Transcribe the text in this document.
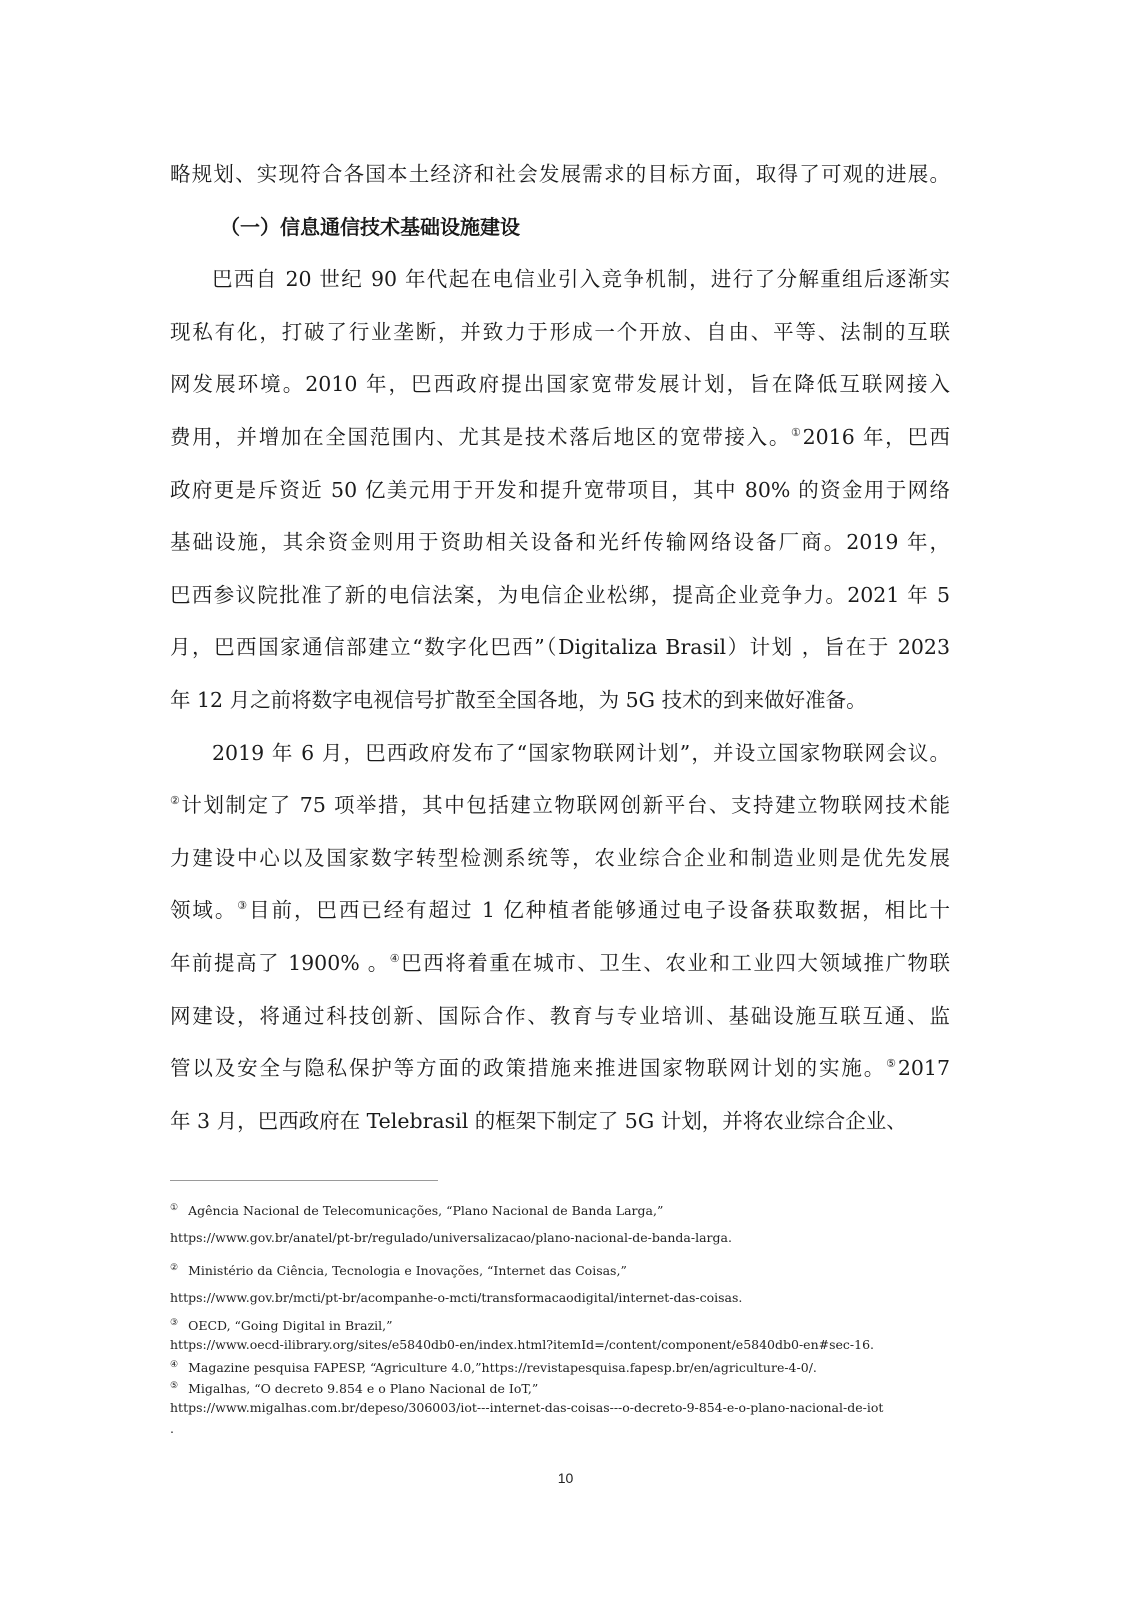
略规划、实现符合各国本土经济和社会发展需求的目标方面，取得了可观的进展。
（一）信息通信技术基础设施建设
巴西自 20 世纪 90 年代起在电信业引入竞争机制，进行了分解重组后逐渐实
现私有化，打破了行业垄断，并致力于形成一个开放、自由、平等、法制的互联
网发展环境。2010 年，巴西政府提出国家宽带发展计划，旨在降低互联网接入
费用，并增加在全国范围内、尤其是技术落后地区的宽带接入。①2016 年，巴西
政府更是斥资近 50 亿美元用于开发和提升宽带项目，其中 80% 的资金用于网络
基础设施，其余资金则用于资助相关设备和光纤传输网络设备厂商。2019 年，
巴西参议院批准了新的电信法案，为电信企业松绑，提高企业竞争力。2021 年 5
月，巴西国家通信部建立“数字化巴西”（Digitaliza Brasil）计划 ，旨在于 2023
年 12 月之前将数字电视信号扩散至全国各地，为 5G 技术的到来做好准备。
2019 年 6 月，巴西政府发布了“国家物联网计划”，并设立国家物联网会议。
②计划制定了 75 项举措，其中包括建立物联网创新平台、支持建立物联网技术能
力建设中心以及国家数字转型检测系统等，农业综合企业和制造业则是优先发展
领域。③目前，巴西已经有超过 1 亿种植者能够通过电子设备获取数据，相比十
年前提高了 1900% 。④巴西将着重在城市、卫生、农业和工业四大领域推广物联
网建设，将通过科技创新、国际合作、教育与专业培训、基础设施互联互通、监
管以及安全与隐私保护等方面的政策措施来推进国家物联网计划的实施。⑤2017
年 3 月，巴西政府在 Telebrasil 的框架下制定了 5G 计划，并将农业综合企业、
① Agência Nacional de Telecomunicações, “Plano Nacional de Banda Larga,”
https://www.gov.br/anatel/pt-br/regulado/universalizacao/plano-nacional-de-banda-larga.
② Ministério da Ciência, Tecnologia e Inovações, “Internet das Coisas,”
https://www.gov.br/mcti/pt-br/acompanhe-o-mcti/transformacaodigital/internet-das-coisas.
③ OECD, “Going Digital in Brazil,”
https://www.oecd-ilibrary.org/sites/e5840db0-en/index.html?itemId=/content/component/e5840db0-en#sec-16.
④ Magazine pesquisa FAPESP, “Agriculture 4.0,”https://revistapesquisa.fapesp.br/en/agriculture-4-0/.
⑤ Migalhas, “O decreto 9.854 e o Plano Nacional de IoT,”
https://www.migalhas.com.br/depeso/306003/iot---internet-das-coisas---o-decreto-9-854-e-o-plano-nacional-de-iot
.
10
